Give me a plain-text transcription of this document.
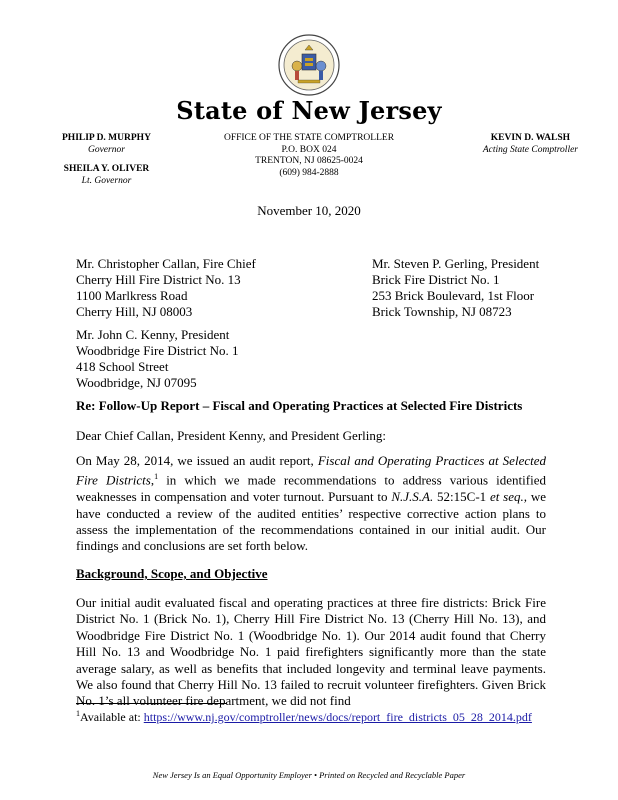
State of New Jersey
PHILIP D. MURPHY
Governor
SHEILA Y. OLIVER
Lt. Governor
OFFICE OF THE STATE COMPTROLLER
P.O. BOX 024
TRENTON, NJ 08625-0024
(609) 984-2888
KEVIN D. WALSH
Acting State Comptroller
November 10, 2020
Mr. Christopher Callan, Fire Chief
Cherry Hill Fire District No. 13
1100 Marlkress Road
Cherry Hill, NJ 08003
Mr. Steven P. Gerling, President
Brick Fire District No. 1
253 Brick Boulevard, 1st Floor
Brick Township, NJ 08723
Mr. John C. Kenny, President
Woodbridge Fire District No. 1
418 School Street
Woodbridge, NJ 07095
Re: Follow-Up Report – Fiscal and Operating Practices at Selected Fire Districts
Dear Chief Callan, President Kenny, and President Gerling:
On May 28, 2014, we issued an audit report, Fiscal and Operating Practices at Selected Fire Districts,$^1$ in which we made recommendations to address various identified weaknesses in compensation and voter turnout. Pursuant to N.J.S.A. 52:15C-1 et seq., we have conducted a review of the audited entities’ respective corrective action plans to assess the implementation of the recommendations contained in our initial audit. Our findings and conclusions are set forth below.
Background, Scope, and Objective
Our initial audit evaluated fiscal and operating practices at three fire districts: Brick Fire District No. 1 (Brick No. 1), Cherry Hill Fire District No. 13 (Cherry Hill No. 13), and Woodbridge Fire District No. 1 (Woodbridge No. 1). Our 2014 audit found that Cherry Hill No. 13 and Woodbridge No. 1 paid firefighters significantly more than the state average salary, as well as benefits that included longevity and terminal leave payments. We also found that Cherry Hill No. 13 failed to recruit volunteer firefighters. Given Brick No. 1’s all volunteer fire department, we did not find
$^1$Available at: https://www.nj.gov/comptroller/news/docs/report_fire_districts_05_28_2014.pdf
New Jersey Is an Equal Opportunity Employer • Printed on Recycled and Recyclable Paper
